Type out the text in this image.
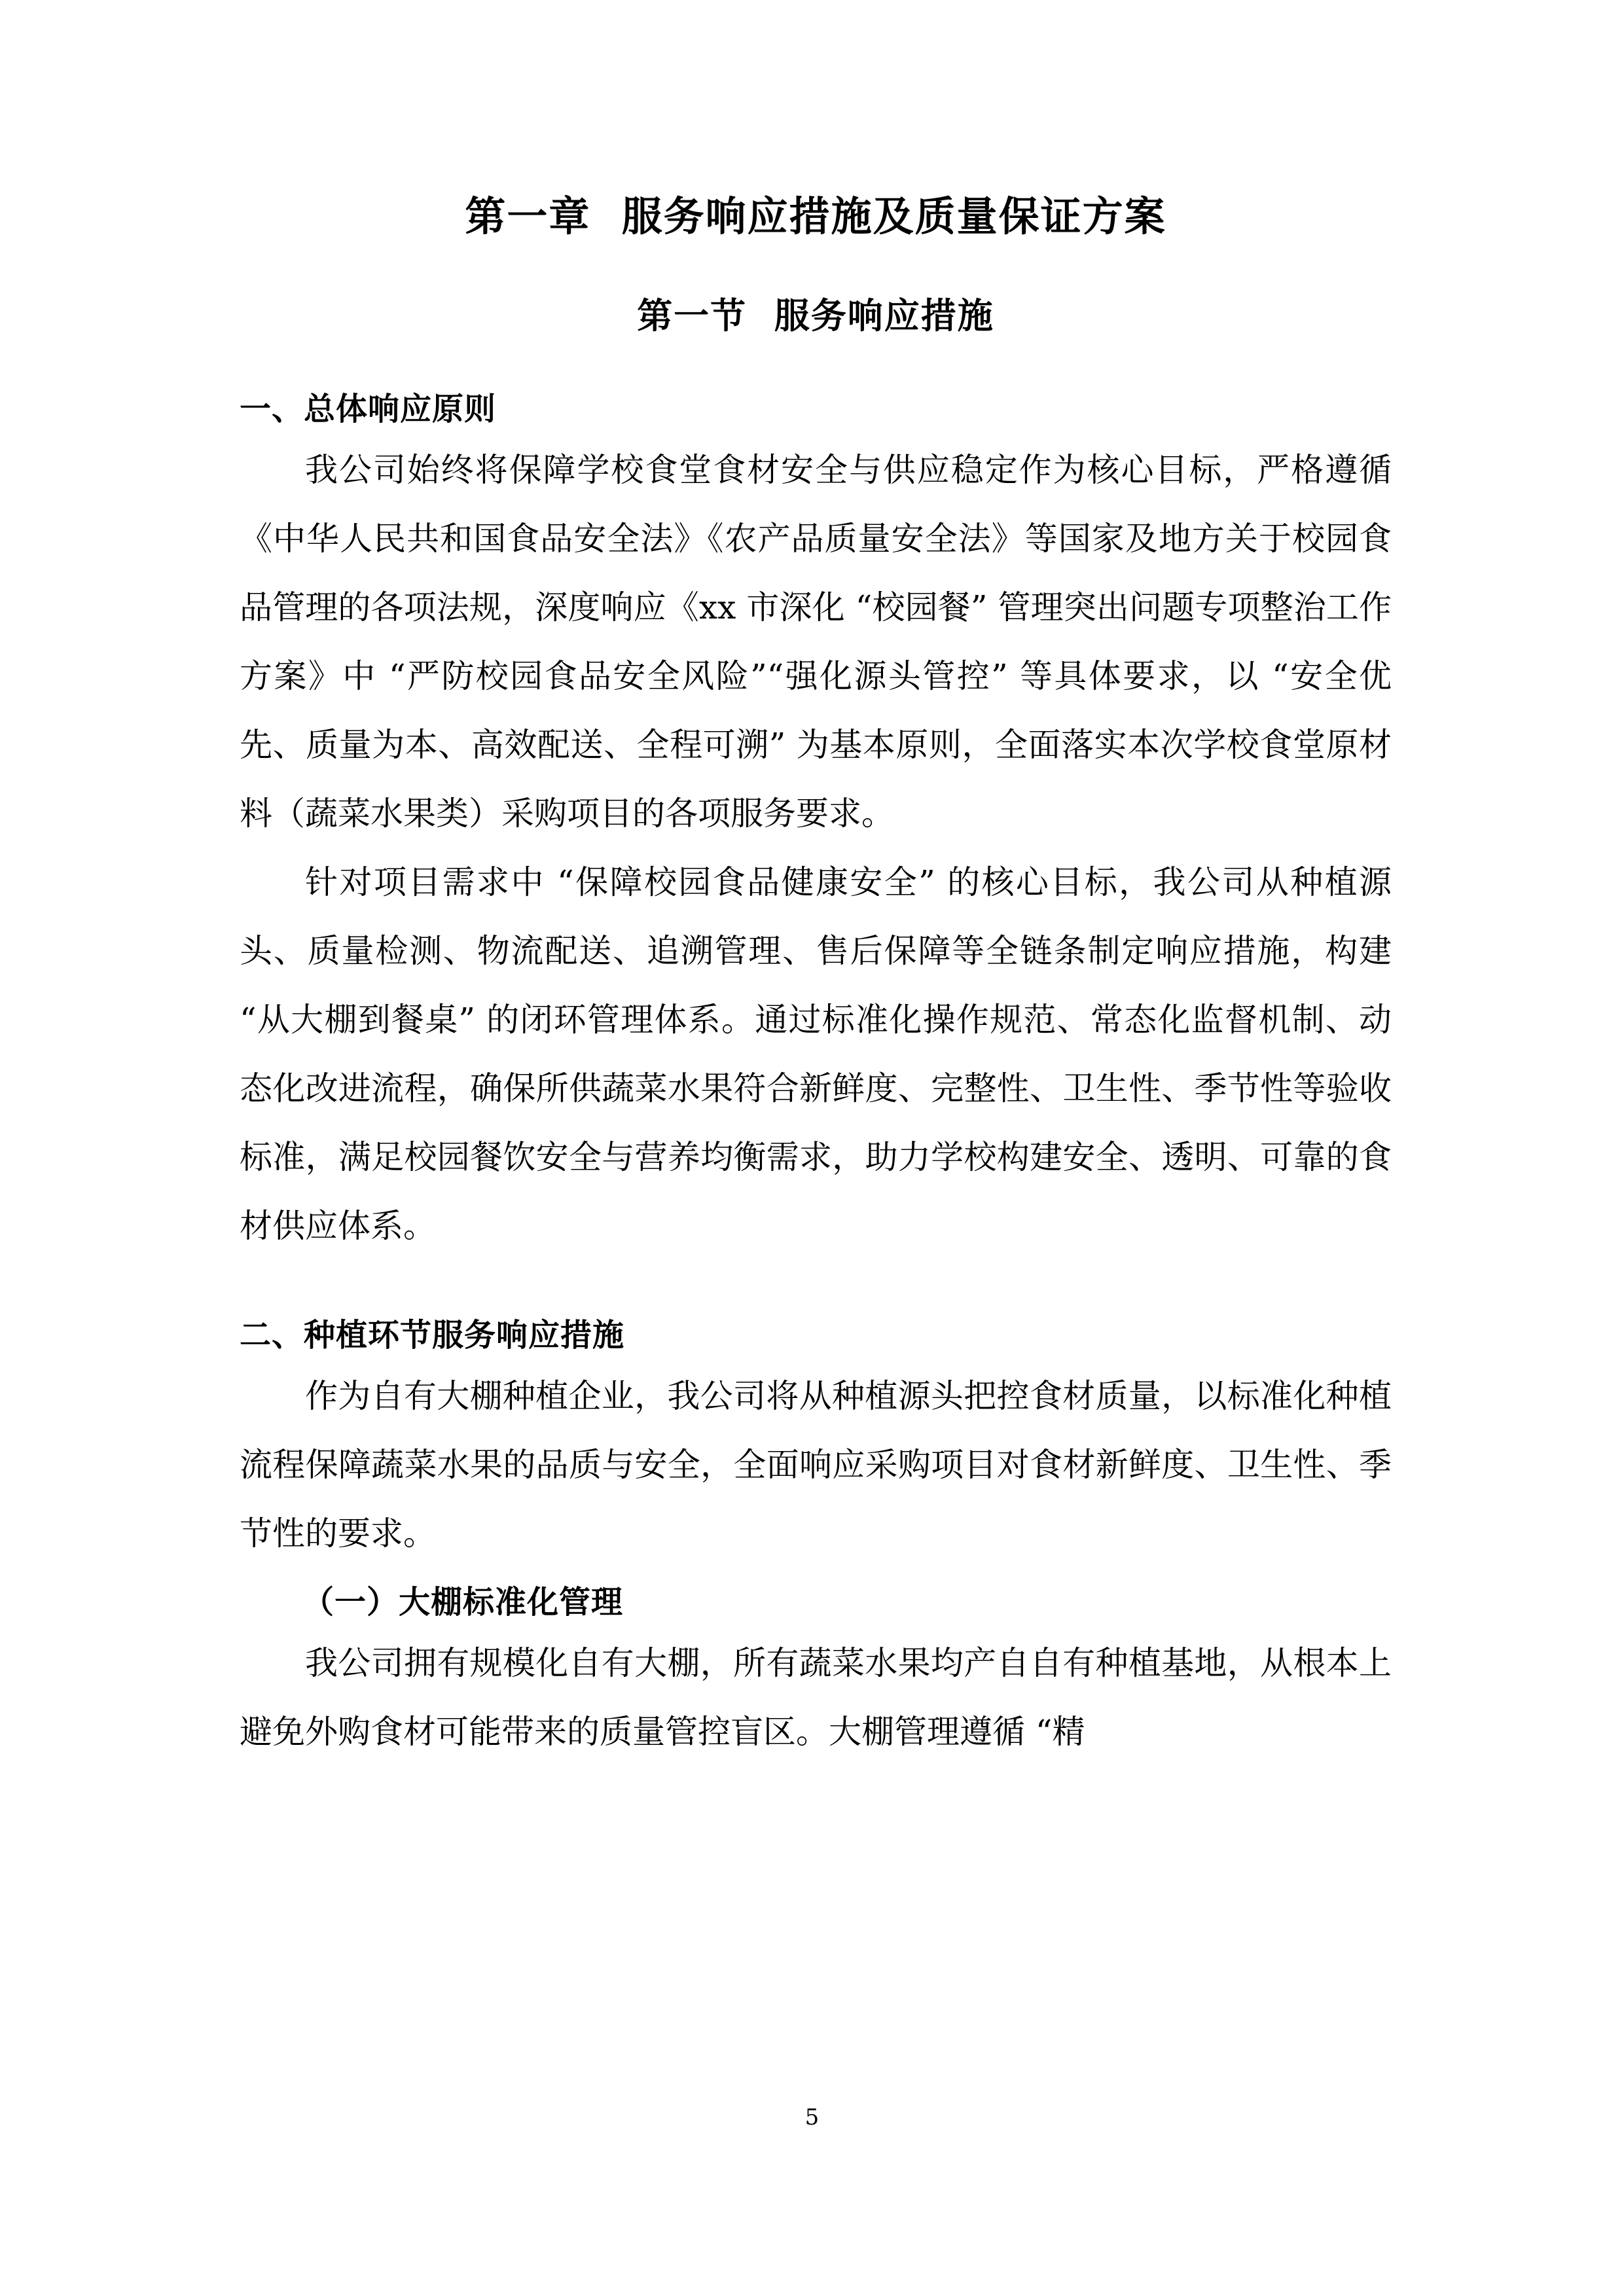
第一章  服务响应措施及质量保证方案
第一节  服务响应措施
一、总体响应原则

我公司始终将保障学校食堂食材安全与供应稳定作为核心目标，严格遵循《中华人民共和国食品安全法》《农产品质量安全法》等国家及地方关于校园食品管理的各项法规，深度响应《xx 市深化 “校园餐” 管理突出问题专项整治工作方案》中 “严防校园食品安全风险”“强化源头管控” 等具体要求，以 “安全优先、质量为本、高效配送、全程可溯” 为基本原则，全面落实本次学校食堂原材料（蔬菜水果类）采购项目的各项服务要求。

针对项目需求中 “保障校园食品健康安全” 的核心目标，我公司从种植源头、质量检测、物流配送、追溯管理、售后保障等全链条制定响应措施，构建 “从大棚到餐桌” 的闭环管理体系。通过标准化操作规范、常态化监督机制、动态化改进流程，确保所供蔬菜水果符合新鲜度、完整性、卫生性、季节性等验收标准，满足校园餐饮安全与营养均衡需求，助力学校构建安全、透明、可靠的食材供应体系。

二、种植环节服务响应措施

作为自有大棚种植企业，我公司将从种植源头把控食材质量，以标准化种植流程保障蔬菜水果的品质与安全，全面响应采购项目对食材新鲜度、卫生性、季节性的要求。

（一）大棚标准化管理

我公司拥有规模化自有大棚，所有蔬菜水果均产自自有种植基地，从根本上避免外购食材可能带来的质量管控盲区。大棚管理遵循 “精

5
